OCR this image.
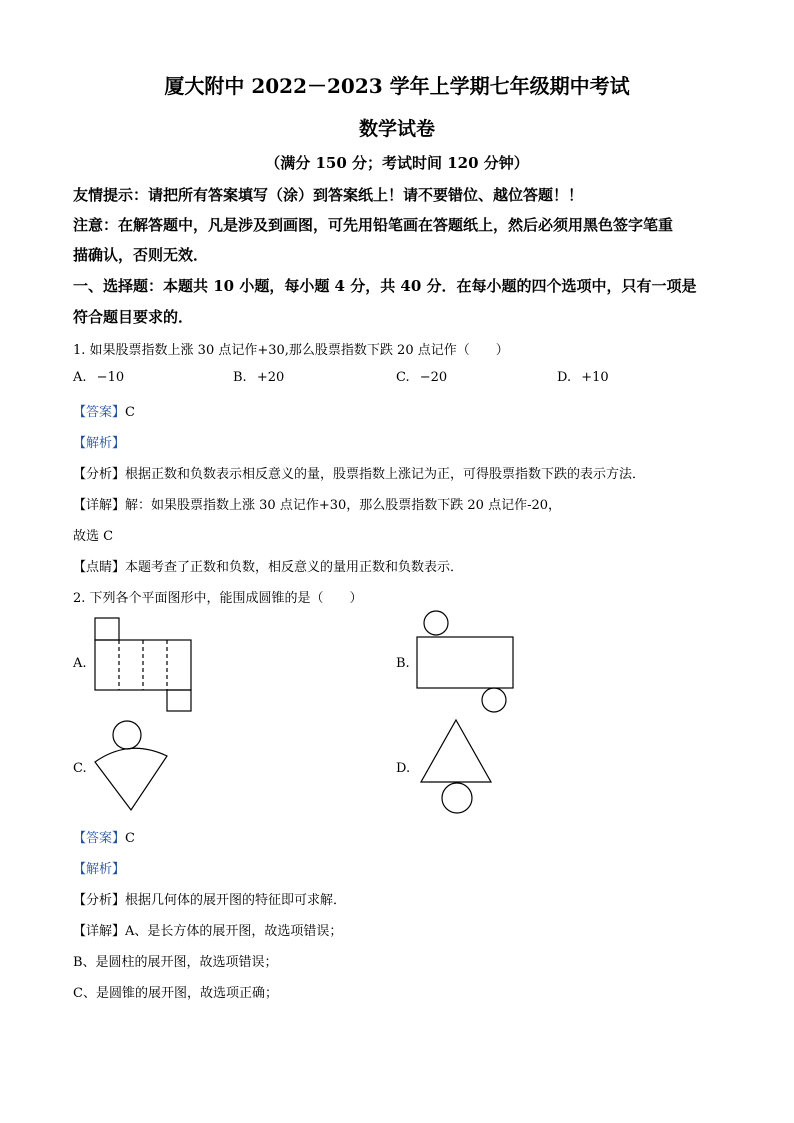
厦大附中 2022－2023 学年上学期七年级期中考试
数学试卷
（满分 150 分；考试时间 120 分钟）
友情提示：请把所有答案填写（涂）到答案纸上！请不要错位、越位答题！！
注意：在解答题中，凡是涉及到画图，可先用铅笔画在答题纸上，然后必须用黑色签字笔重
描确认，否则无效．
一、选择题：本题共 10 小题，每小题 4 分，共 40 分．在每小题的四个选项中，只有一项是
符合题目要求的．
1. 如果股票指数上涨 30 点记作+30,那么股票指数下跌 20 点记作（　　）
A. −10	B. +20	C. −20	D. +10
【答案】C
【解析】
【分析】根据正数和负数表示相反意义的量，股票指数上涨记为正，可得股票指数下跌的表示方法．
【详解】解：如果股票指数上涨 30 点记作+30，那么股票指数下跌 20 点记作-20，
故选 C
【点睛】本题考查了正数和负数，相反意义的量用正数和负数表示．
2. 下列各个平面图形中，能围成圆锥的是（　　）
A.	B.
C.	D.
【答案】C
【解析】
【分析】根据几何体的展开图的特征即可求解．
【详解】A、是长方体的展开图，故选项错误；
B、是圆柱的展开图，故选项错误；
C、是圆锥的展开图，故选项正确；
